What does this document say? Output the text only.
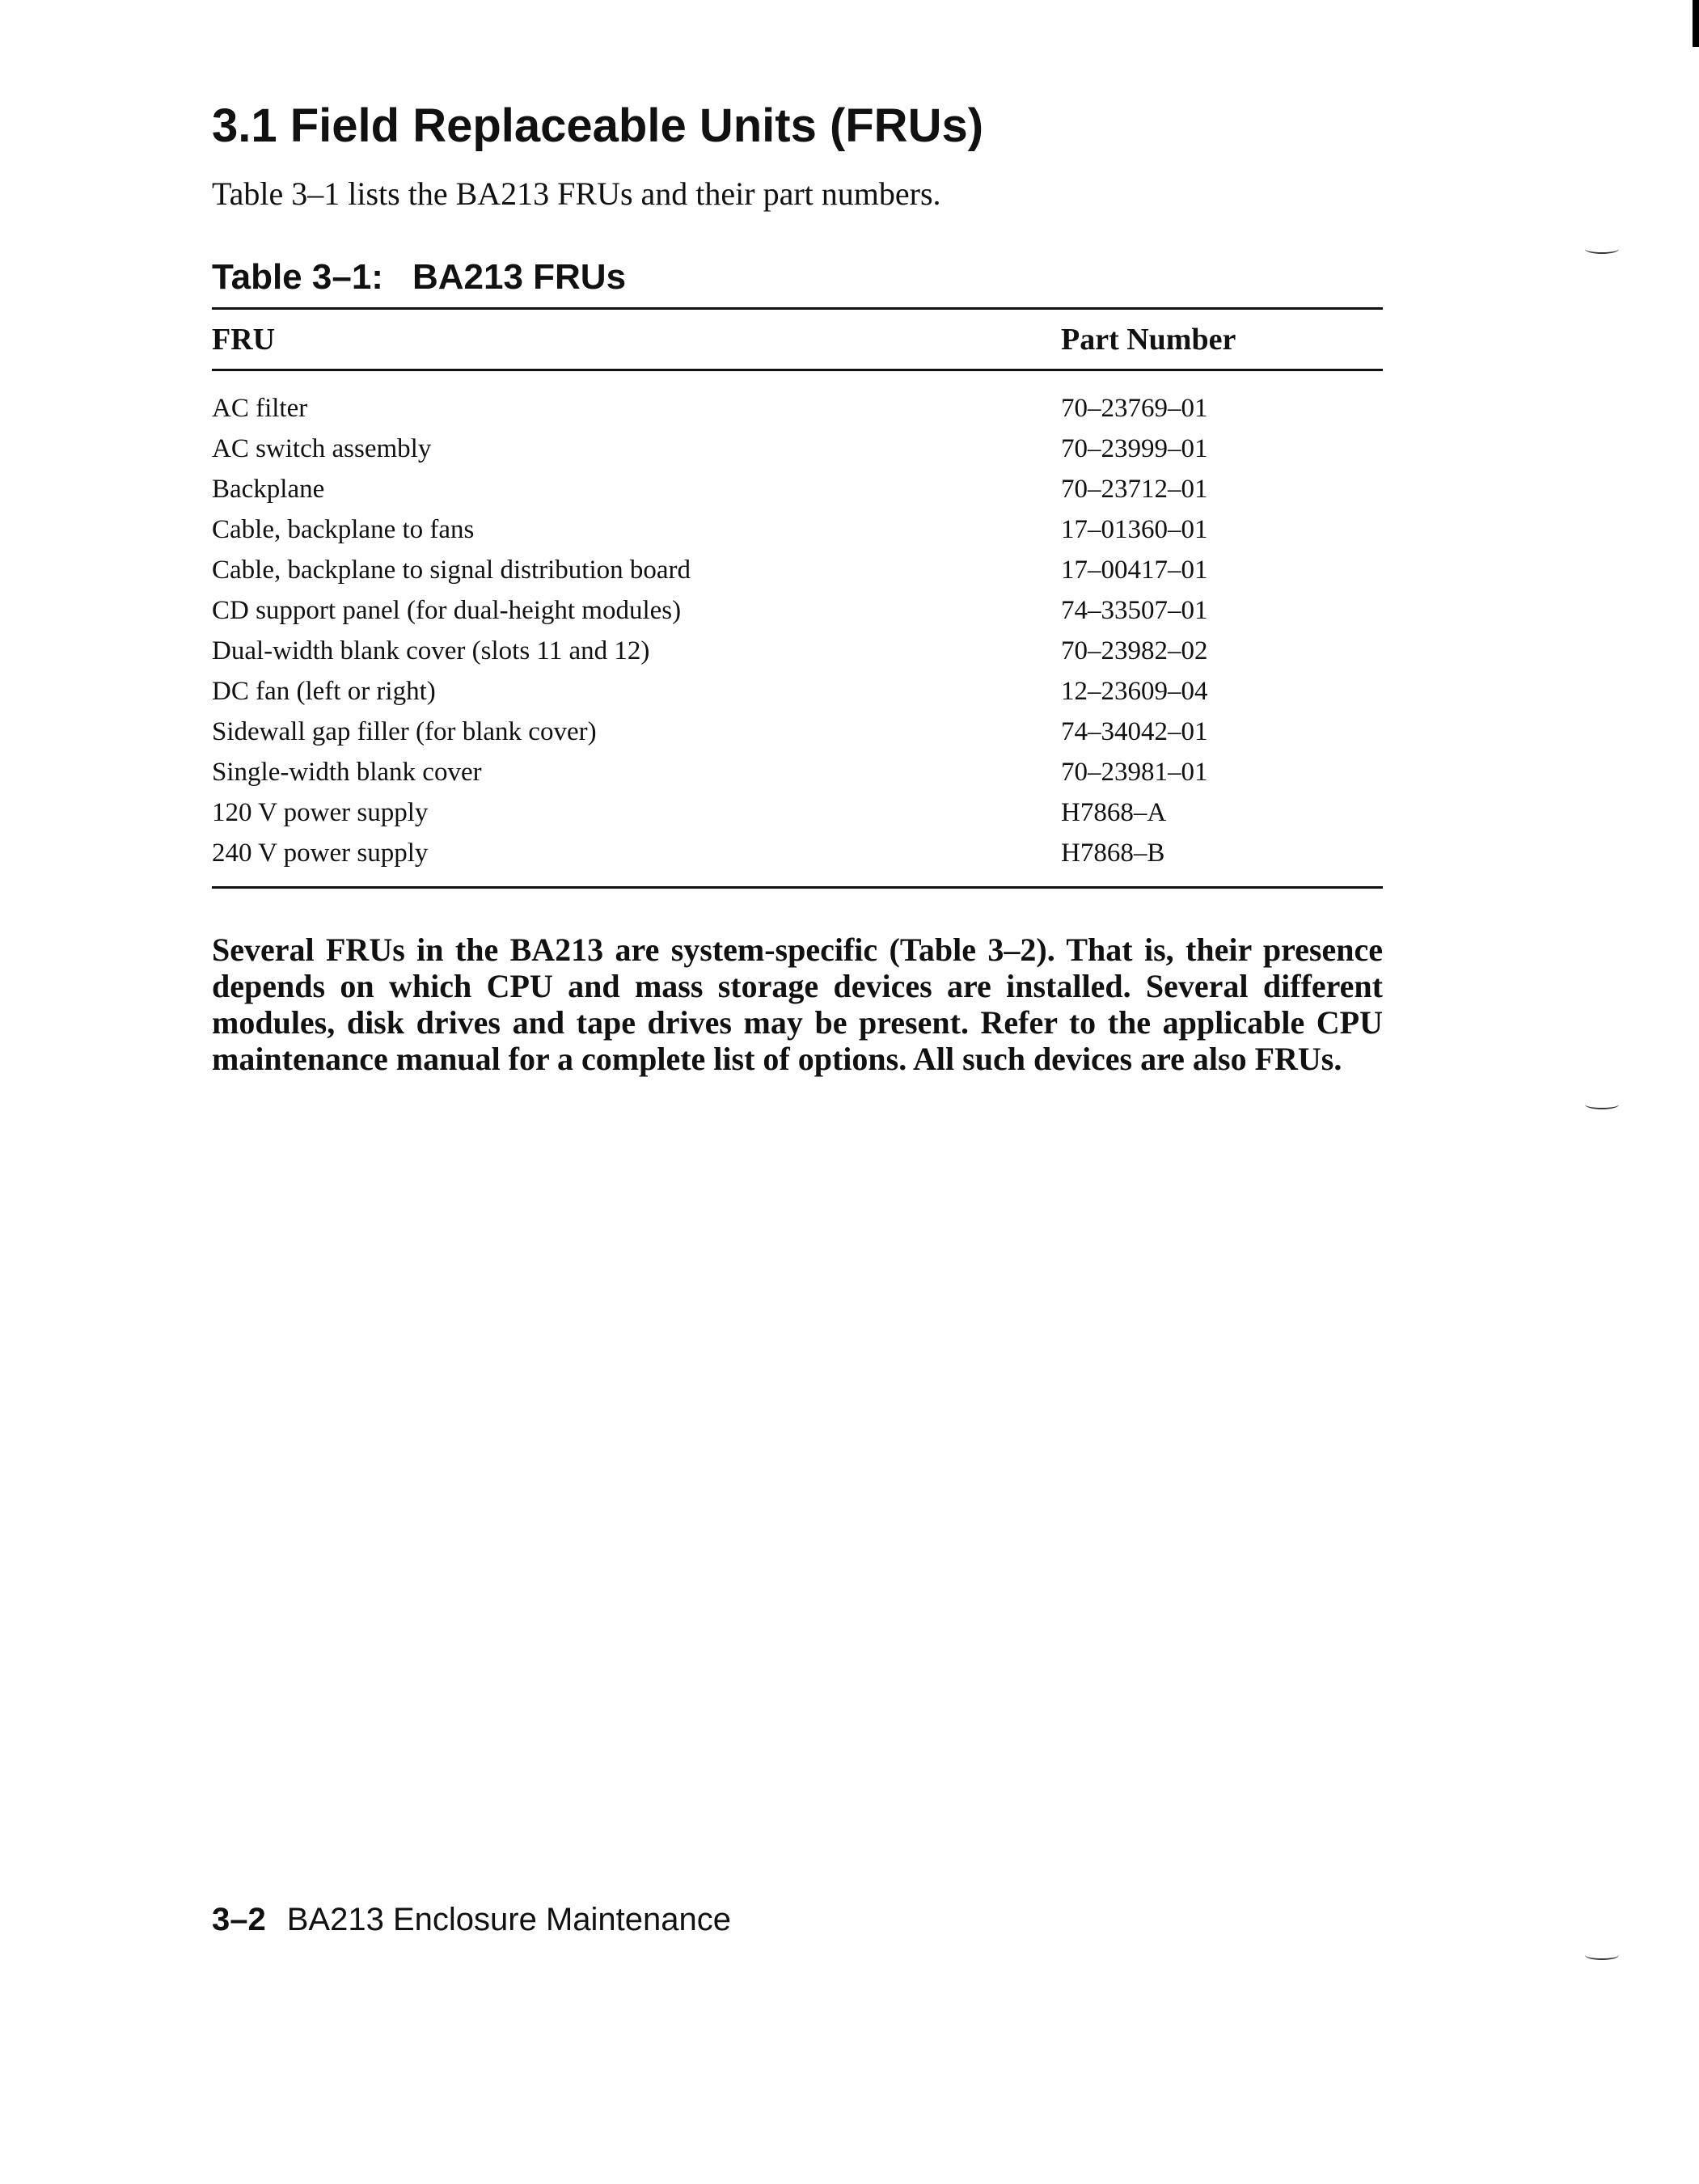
3.1 Field Replaceable Units (FRUs)

Table 3–1 lists the BA213 FRUs and their part numbers.

Table 3–1: BA213 FRUs
FRU	Part Number
AC filter	70–23769–01
AC switch assembly	70–23999–01
Backplane	70–23712–01
Cable, backplane to fans	17–01360–01
Cable, backplane to signal distribution board	17–00417–01
CD support panel (for dual-height modules)	74–33507–01
Dual-width blank cover (slots 11 and 12)	70–23982–02
DC fan (left or right)	12–23609–04
Sidewall gap filler (for blank cover)	74–34042–01
Single-width blank cover	70–23981–01
120 V power supply	H7868–A
240 V power supply	H7868–B

Several FRUs in the BA213 are system-specific (Table 3–2). That is, their presence depends on which CPU and mass storage devices are installed. Several different modules, disk drives and tape drives may be present. Refer to the applicable CPU maintenance manual for a complete list of options. All such devices are also FRUs.

3–2 BA213 Enclosure Maintenance
